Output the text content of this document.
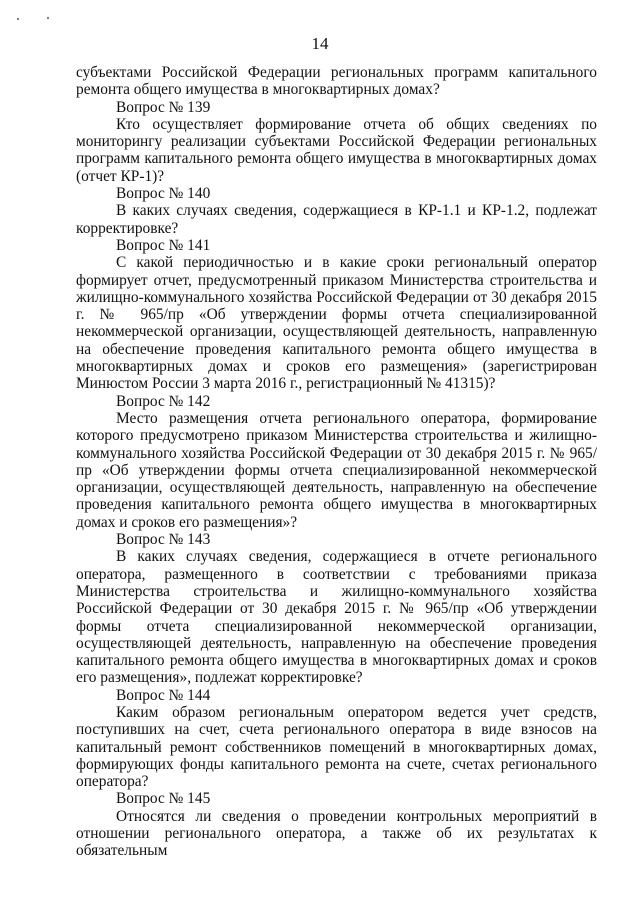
14

субъектами Российской Федерации региональных программ капитального ремонта общего имущества в многоквартирных домах?

Вопрос № 139

Кто осуществляет формирование отчета об общих сведениях по мониторингу реализации субъектами Российской Федерации региональных программ капитального ремонта общего имущества в многоквартирных домах (отчет КР-1)?

Вопрос № 140

В каких случаях сведения, содержащиеся в КР-1.1 и КР-1.2, подлежат корректировке?

Вопрос № 141

С какой периодичностью и в какие сроки региональный оператор формирует отчет, предусмотренный приказом Министерства строительства и жилищно-коммунального хозяйства Российской Федерации от 30 декабря 2015 г. № 965/пр «Об утверждении формы отчета специализированной некоммерческой организации, осуществляющей деятельность, направленную на обеспечение проведения капитального ремонта общего имущества в многоквартирных домах и сроков его размещения» (зарегистрирован Минюстом России 3 марта 2016 г., регистрационный № 41315)?

Вопрос № 142

Место размещения отчета регионального оператора, формирование которого предусмотрено приказом Министерства строительства и жилищно-коммунального хозяйства Российской Федерации от 30 декабря 2015 г. № 965/пр «Об утверждении формы отчета специализированной некоммерческой организации, осуществляющей деятельность, направленную на обеспечение проведения капитального ремонта общего имущества в многоквартирных домах и сроков его размещения»?

Вопрос № 143

В каких случаях сведения, содержащиеся в отчете регионального оператора, размещенного в соответствии с требованиями приказа Министерства строительства и жилищно-коммунального хозяйства Российской Федерации от 30 декабря 2015 г. № 965/пр «Об утверждении формы отчета специализированной некоммерческой организации, осуществляющей деятельность, направленную на обеспечение проведения капитального ремонта общего имущества в многоквартирных домах и сроков его размещения», подлежат корректировке?

Вопрос № 144

Каким образом региональным оператором ведется учет средств, поступивших на счет, счета регионального оператора в виде взносов на капитальный ремонт собственников помещений в многоквартирных домах, формирующих фонды капитального ремонта на счете, счетах регионального оператора?

Вопрос № 145

Относятся ли сведения о проведении контрольных мероприятий в отношении регионального оператора, а также об их результатах к обязательным
